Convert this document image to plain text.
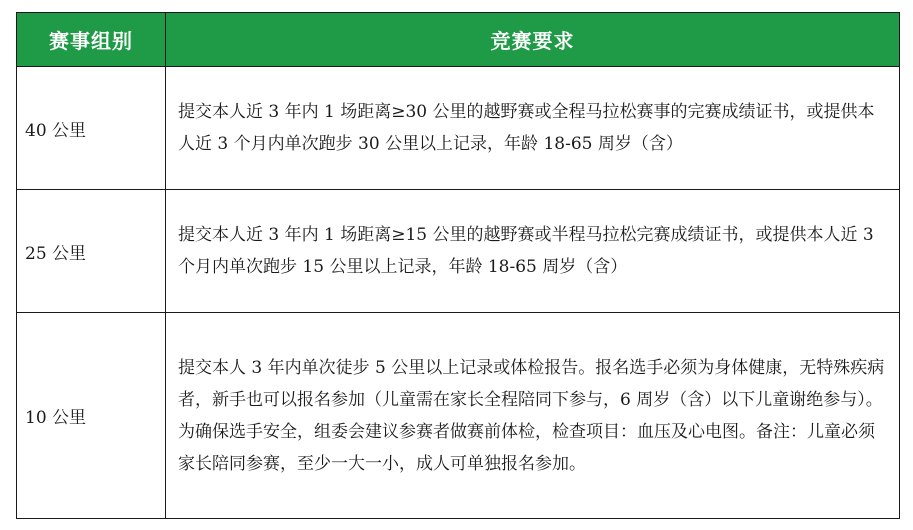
赛事组别	竞赛要求
40 公里	提交本人近 3 年内 1 场距离≥30 公里的越野赛或全程马拉松赛事的完赛成绩证书，或提供本人近 3 个月内单次跑步 30 公里以上记录，年龄 18-65 周岁（含）
25 公里	提交本人近 3 年内 1 场距离≥15 公里的越野赛或半程马拉松完赛成绩证书，或提供本人近 3 个月内单次跑步 15 公里以上记录，年龄 18-65 周岁（含）
10 公里	提交本人 3 年内单次徒步 5 公里以上记录或体检报告。报名选手必须为身体健康，无特殊疾病者，新手也可以报名参加（儿童需在家长全程陪同下参与，6 周岁（含）以下儿童谢绝参与）。为确保选手安全，组委会建议参赛者做赛前体检，检查项目：血压及心电图。备注：儿童必须家长陪同参赛，至少一大一小，成人可单独报名参加。
